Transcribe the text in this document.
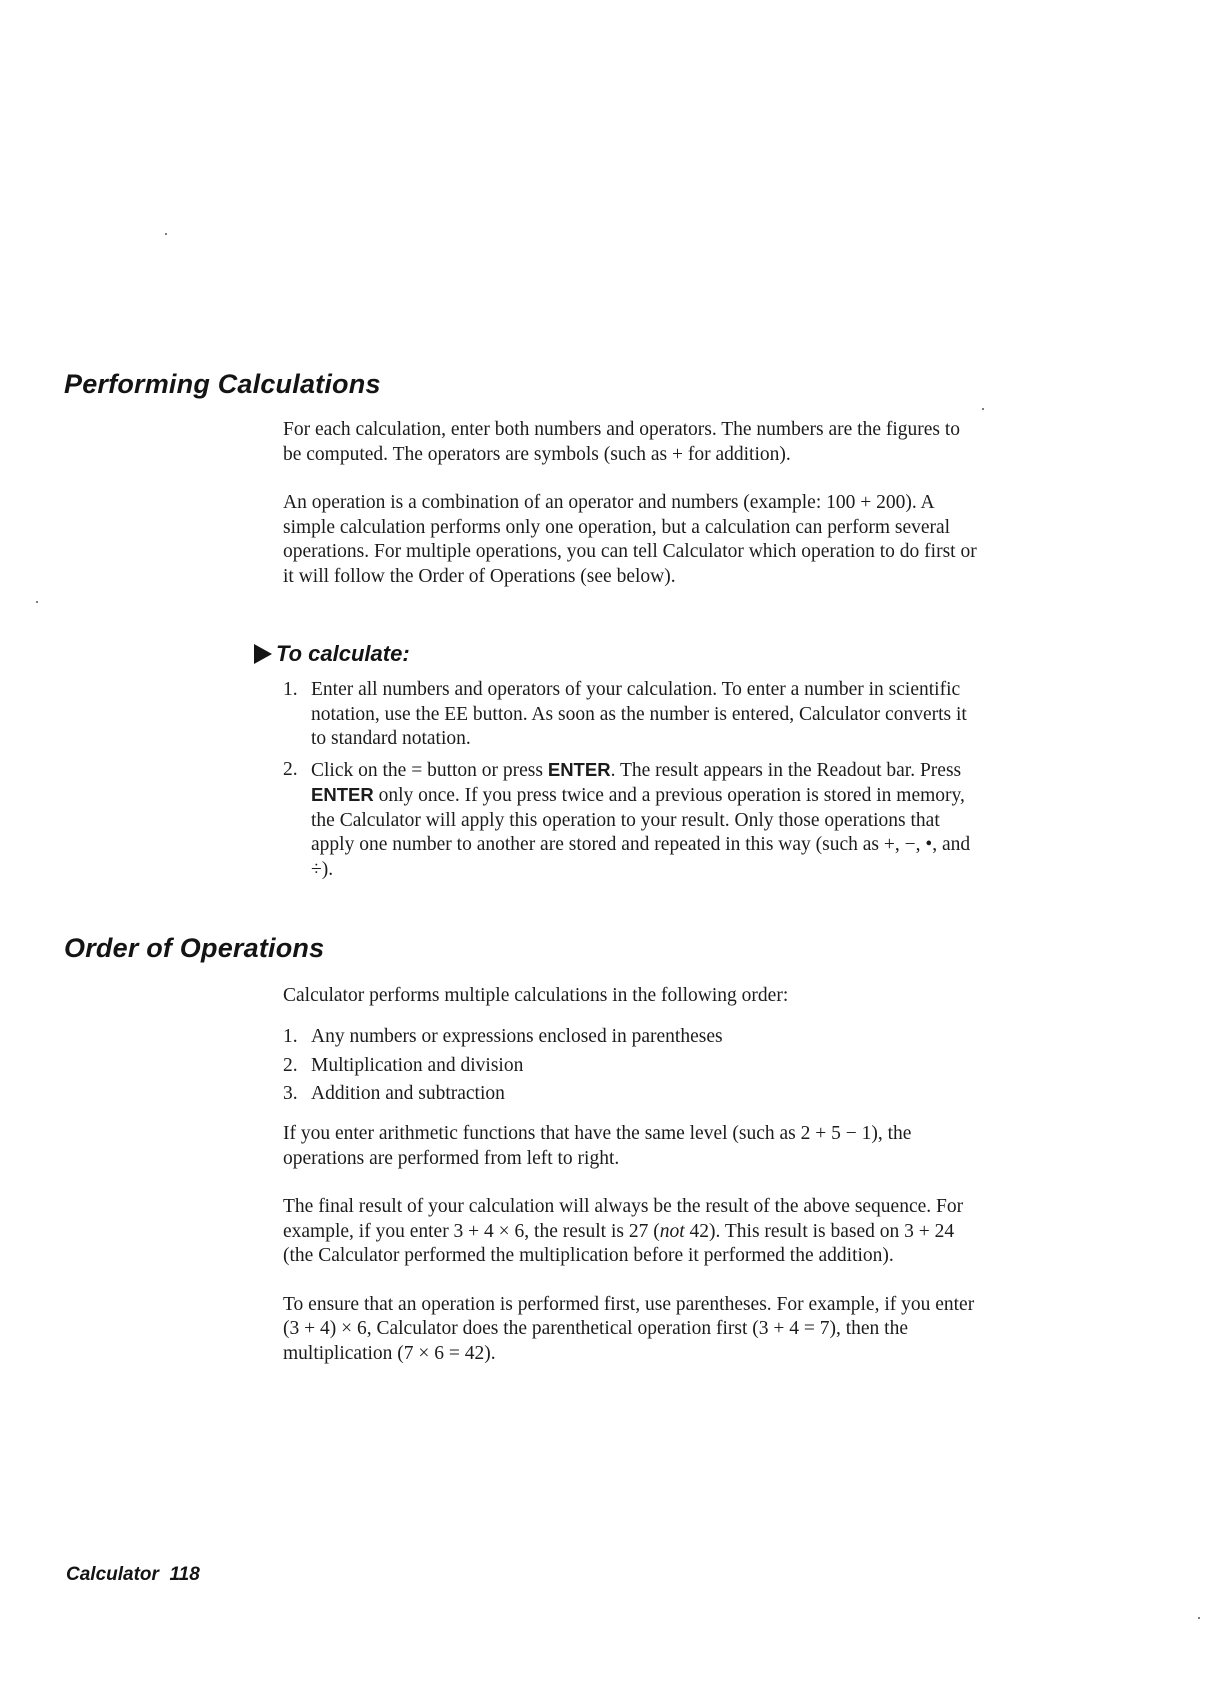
Performing Calculations

For each calculation, enter both numbers and operators. The numbers are the figures to be computed. The operators are symbols (such as + for addition).

An operation is a combination of an operator and numbers (example: 100 + 200). A simple calculation performs only one operation, but a calculation can perform several operations. For multiple operations, you can tell Calculator which operation to do first or it will follow the Order of Operations (see below).

To calculate:
1. Enter all numbers and operators of your calculation. To enter a number in scientific notation, use the EE button. As soon as the number is entered, Calculator converts it to standard notation.
2. Click on the = button or press ENTER. The result appears in the Readout bar. Press ENTER only once. If you press twice and a previous operation is stored in memory, the Calculator will apply this operation to your result. Only those operations that apply one number to another are stored and repeated in this way (such as +, −, •, and ÷).
Order of Operations

Calculator performs multiple calculations in the following order:

1. Any numbers or expressions enclosed in parentheses
2. Multiplication and division
3. Addition and subtraction

If you enter arithmetic functions that have the same level (such as 2 + 5 − 1), the operations are performed from left to right.

The final result of your calculation will always be the result of the above sequence. For example, if you enter 3 + 4 × 6, the result is 27 (not 42). This result is based on 3 + 24 (the Calculator performed the multiplication before it performed the addition).

To ensure that an operation is performed first, use parentheses. For example, if you enter (3 + 4) × 6, Calculator does the parenthetical operation first (3 + 4 = 7), then the multiplication (7 × 6 = 42).

Calculator  118
